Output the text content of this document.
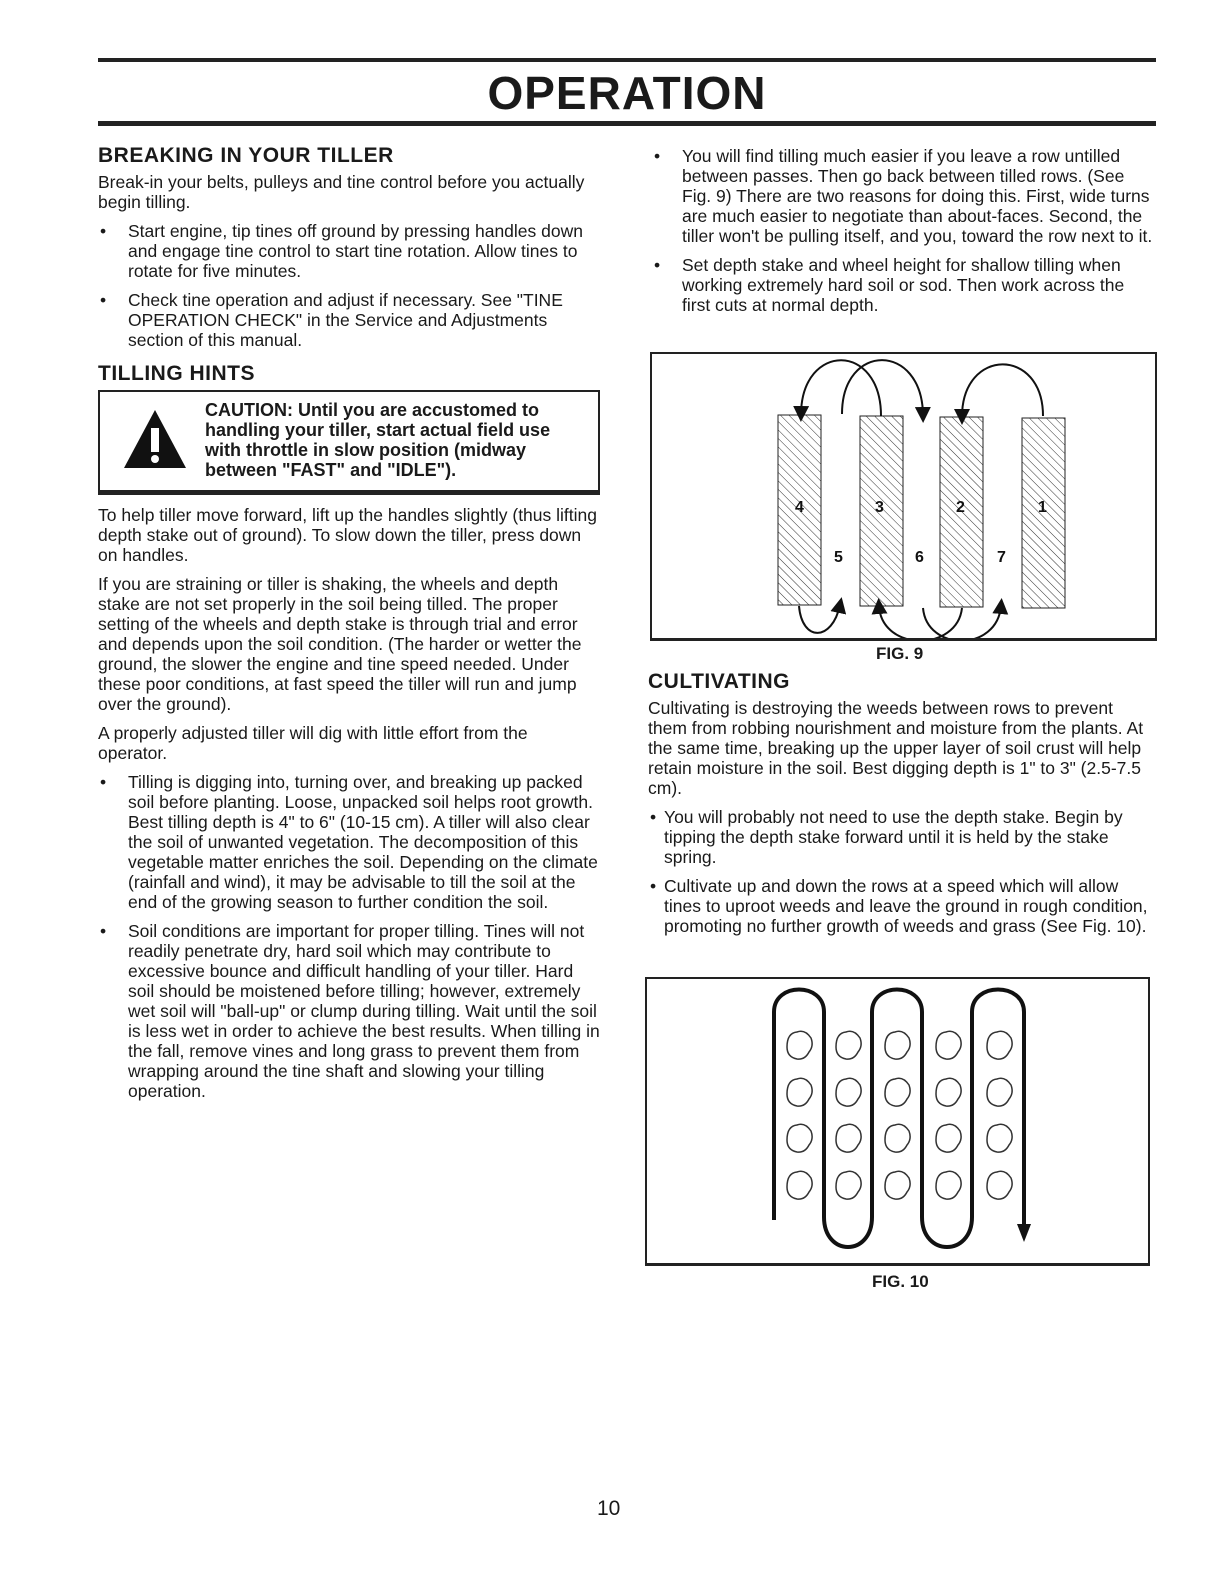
OPERATION
BREAKING IN YOUR TILLER

Break-in your belts, pulleys and tine control before you actually begin tilling.

• Start engine, tip tines off ground by pressing handles down and engage tine control to start tine rotation. Allow tines to rotate for five minutes.
• Check tine operation and adjust if necessary. See "TINE OPERATION CHECK" in the Service and Adjustments section of this manual.
TILLING HINTS
CAUTION: Until you are accustomed to handling your tiller, start actual field use with throttle in slow position (midway between "FAST" and "IDLE").

To help tiller move forward, lift up the handles slightly (thus lifting depth stake out of ground). To slow down the tiller, press down on handles.

If you are straining or tiller is shaking, the wheels and depth stake are not set properly in the soil being tilled. The proper setting of the wheels and depth stake is through trial and error and depends upon the soil condition. (The harder or wetter the ground, the slower the engine and tine speed needed. Under these poor conditions, at fast speed the tiller will run and jump over the ground).

A properly adjusted tiller will dig with little effort from the operator.

• Tilling is digging into, turning over, and breaking up packed soil before planting. Loose, unpacked soil helps root growth. Best tilling depth is 4" to 6" (10-15 cm). A tiller will also clear the soil of unwanted vegetation. The decomposition of this vegetable matter enriches the soil. Depending on the climate (rainfall and wind), it may be advisable to till the soil at the end of the growing season to further condition the soil.
• Soil conditions are important for proper tilling. Tines will not readily penetrate dry, hard soil which may contribute to excessive bounce and difficult handling of your tiller. Hard soil should be moistened before tilling; however, extremely wet soil will "ball-up" or clump during tilling. Wait until the soil is less wet in order to achieve the best results. When tilling in the fall, remove vines and long grass to prevent them from wrapping around the tine shaft and slowing your tilling operation.
• You will find tilling much easier if you leave a row untilled between passes. Then go back between tilled rows. (See Fig. 9) There are two reasons for doing this. First, wide turns are much easier to negotiate than about-faces. Second, the tiller won't be pulling itself, and you, toward the row next to it.
• Set depth stake and wheel height for shallow tilling when working extremely hard soil or sod. Then work across the first cuts at normal depth.
4	3	2	1
5	6	7
FIG. 9
CULTIVATING

Cultivating is destroying the weeds between rows to prevent them from robbing nourishment and moisture from the plants. At the same time, breaking up the upper layer of soil crust will help retain moisture in the soil. Best digging depth is 1" to 3" (2.5-7.5 cm).

• You will probably not need to use the depth stake. Begin by tipping the depth stake forward until it is held by the stake spring.
• Cultivate up and down the rows at a speed which will allow tines to uproot weeds and leave the ground in rough condition, promoting no further growth of weeds and grass (See Fig. 10).
FIG. 10
10
